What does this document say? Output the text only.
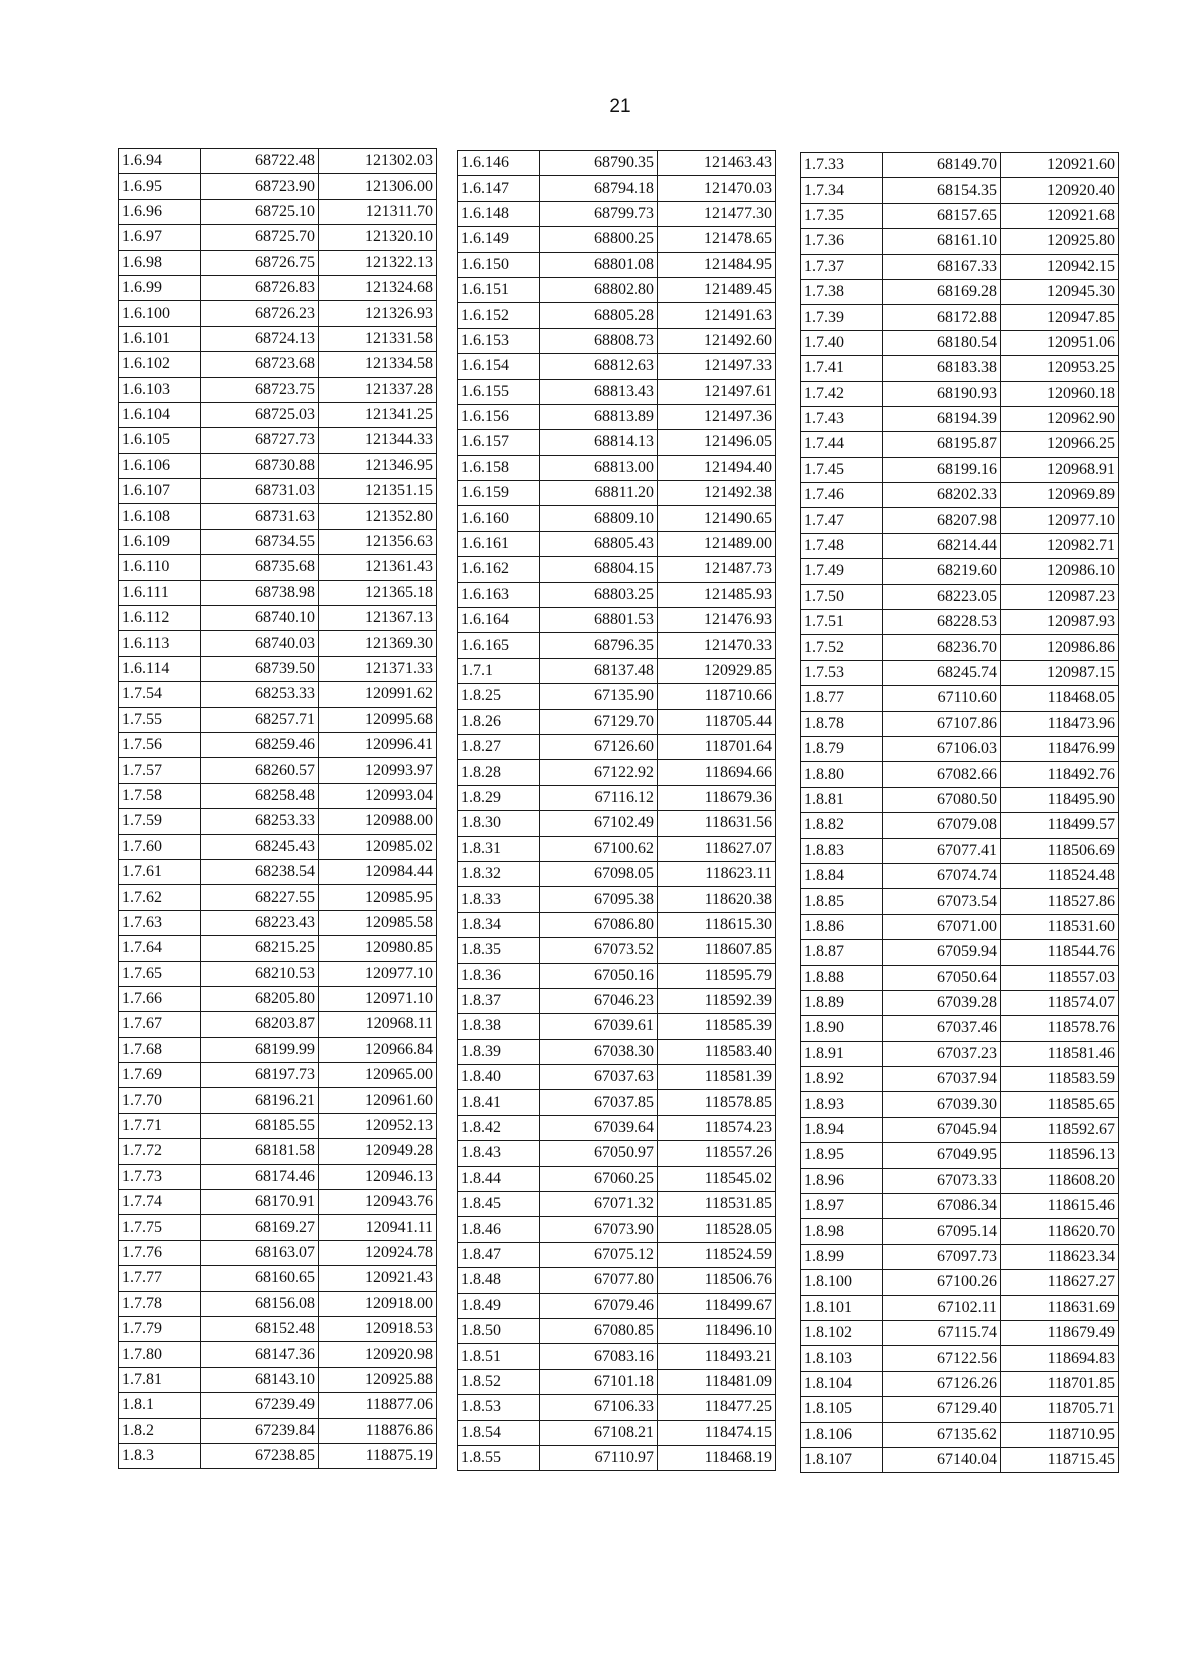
21
1.6.94	68722.48	121302.03
1.6.95	68723.90	121306.00
1.6.96	68725.10	121311.70
1.6.97	68725.70	121320.10
1.6.98	68726.75	121322.13
1.6.99	68726.83	121324.68
1.6.100	68726.23	121326.93
1.6.101	68724.13	121331.58
1.6.102	68723.68	121334.58
1.6.103	68723.75	121337.28
1.6.104	68725.03	121341.25
1.6.105	68727.73	121344.33
1.6.106	68730.88	121346.95
1.6.107	68731.03	121351.15
1.6.108	68731.63	121352.80
1.6.109	68734.55	121356.63
1.6.110	68735.68	121361.43
1.6.111	68738.98	121365.18
1.6.112	68740.10	121367.13
1.6.113	68740.03	121369.30
1.6.114	68739.50	121371.33
1.7.54	68253.33	120991.62
1.7.55	68257.71	120995.68
1.7.56	68259.46	120996.41
1.7.57	68260.57	120993.97
1.7.58	68258.48	120993.04
1.7.59	68253.33	120988.00
1.7.60	68245.43	120985.02
1.7.61	68238.54	120984.44
1.7.62	68227.55	120985.95
1.7.63	68223.43	120985.58
1.7.64	68215.25	120980.85
1.7.65	68210.53	120977.10
1.7.66	68205.80	120971.10
1.7.67	68203.87	120968.11
1.7.68	68199.99	120966.84
1.7.69	68197.73	120965.00
1.7.70	68196.21	120961.60
1.7.71	68185.55	120952.13
1.7.72	68181.58	120949.28
1.7.73	68174.46	120946.13
1.7.74	68170.91	120943.76
1.7.75	68169.27	120941.11
1.7.76	68163.07	120924.78
1.7.77	68160.65	120921.43
1.7.78	68156.08	120918.00
1.7.79	68152.48	120918.53
1.7.80	68147.36	120920.98
1.7.81	68143.10	120925.88
1.8.1	67239.49	118877.06
1.8.2	67239.84	118876.86
1.8.3	67238.85	118875.19
1.6.146	68790.35	121463.43
1.6.147	68794.18	121470.03
1.6.148	68799.73	121477.30
1.6.149	68800.25	121478.65
1.6.150	68801.08	121484.95
1.6.151	68802.80	121489.45
1.6.152	68805.28	121491.63
1.6.153	68808.73	121492.60
1.6.154	68812.63	121497.33
1.6.155	68813.43	121497.61
1.6.156	68813.89	121497.36
1.6.157	68814.13	121496.05
1.6.158	68813.00	121494.40
1.6.159	68811.20	121492.38
1.6.160	68809.10	121490.65
1.6.161	68805.43	121489.00
1.6.162	68804.15	121487.73
1.6.163	68803.25	121485.93
1.6.164	68801.53	121476.93
1.6.165	68796.35	121470.33
1.7.1	68137.48	120929.85
1.8.25	67135.90	118710.66
1.8.26	67129.70	118705.44
1.8.27	67126.60	118701.64
1.8.28	67122.92	118694.66
1.8.29	67116.12	118679.36
1.8.30	67102.49	118631.56
1.8.31	67100.62	118627.07
1.8.32	67098.05	118623.11
1.8.33	67095.38	118620.38
1.8.34	67086.80	118615.30
1.8.35	67073.52	118607.85
1.8.36	67050.16	118595.79
1.8.37	67046.23	118592.39
1.8.38	67039.61	118585.39
1.8.39	67038.30	118583.40
1.8.40	67037.63	118581.39
1.8.41	67037.85	118578.85
1.8.42	67039.64	118574.23
1.8.43	67050.97	118557.26
1.8.44	67060.25	118545.02
1.8.45	67071.32	118531.85
1.8.46	67073.90	118528.05
1.8.47	67075.12	118524.59
1.8.48	67077.80	118506.76
1.8.49	67079.46	118499.67
1.8.50	67080.85	118496.10
1.8.51	67083.16	118493.21
1.8.52	67101.18	118481.09
1.8.53	67106.33	118477.25
1.8.54	67108.21	118474.15
1.8.55	67110.97	118468.19
1.7.33	68149.70	120921.60
1.7.34	68154.35	120920.40
1.7.35	68157.65	120921.68
1.7.36	68161.10	120925.80
1.7.37	68167.33	120942.15
1.7.38	68169.28	120945.30
1.7.39	68172.88	120947.85
1.7.40	68180.54	120951.06
1.7.41	68183.38	120953.25
1.7.42	68190.93	120960.18
1.7.43	68194.39	120962.90
1.7.44	68195.87	120966.25
1.7.45	68199.16	120968.91
1.7.46	68202.33	120969.89
1.7.47	68207.98	120977.10
1.7.48	68214.44	120982.71
1.7.49	68219.60	120986.10
1.7.50	68223.05	120987.23
1.7.51	68228.53	120987.93
1.7.52	68236.70	120986.86
1.7.53	68245.74	120987.15
1.8.77	67110.60	118468.05
1.8.78	67107.86	118473.96
1.8.79	67106.03	118476.99
1.8.80	67082.66	118492.76
1.8.81	67080.50	118495.90
1.8.82	67079.08	118499.57
1.8.83	67077.41	118506.69
1.8.84	67074.74	118524.48
1.8.85	67073.54	118527.86
1.8.86	67071.00	118531.60
1.8.87	67059.94	118544.76
1.8.88	67050.64	118557.03
1.8.89	67039.28	118574.07
1.8.90	67037.46	118578.76
1.8.91	67037.23	118581.46
1.8.92	67037.94	118583.59
1.8.93	67039.30	118585.65
1.8.94	67045.94	118592.67
1.8.95	67049.95	118596.13
1.8.96	67073.33	118608.20
1.8.97	67086.34	118615.46
1.8.98	67095.14	118620.70
1.8.99	67097.73	118623.34
1.8.100	67100.26	118627.27
1.8.101	67102.11	118631.69
1.8.102	67115.74	118679.49
1.8.103	67122.56	118694.83
1.8.104	67126.26	118701.85
1.8.105	67129.40	118705.71
1.8.106	67135.62	118710.95
1.8.107	67140.04	118715.45
